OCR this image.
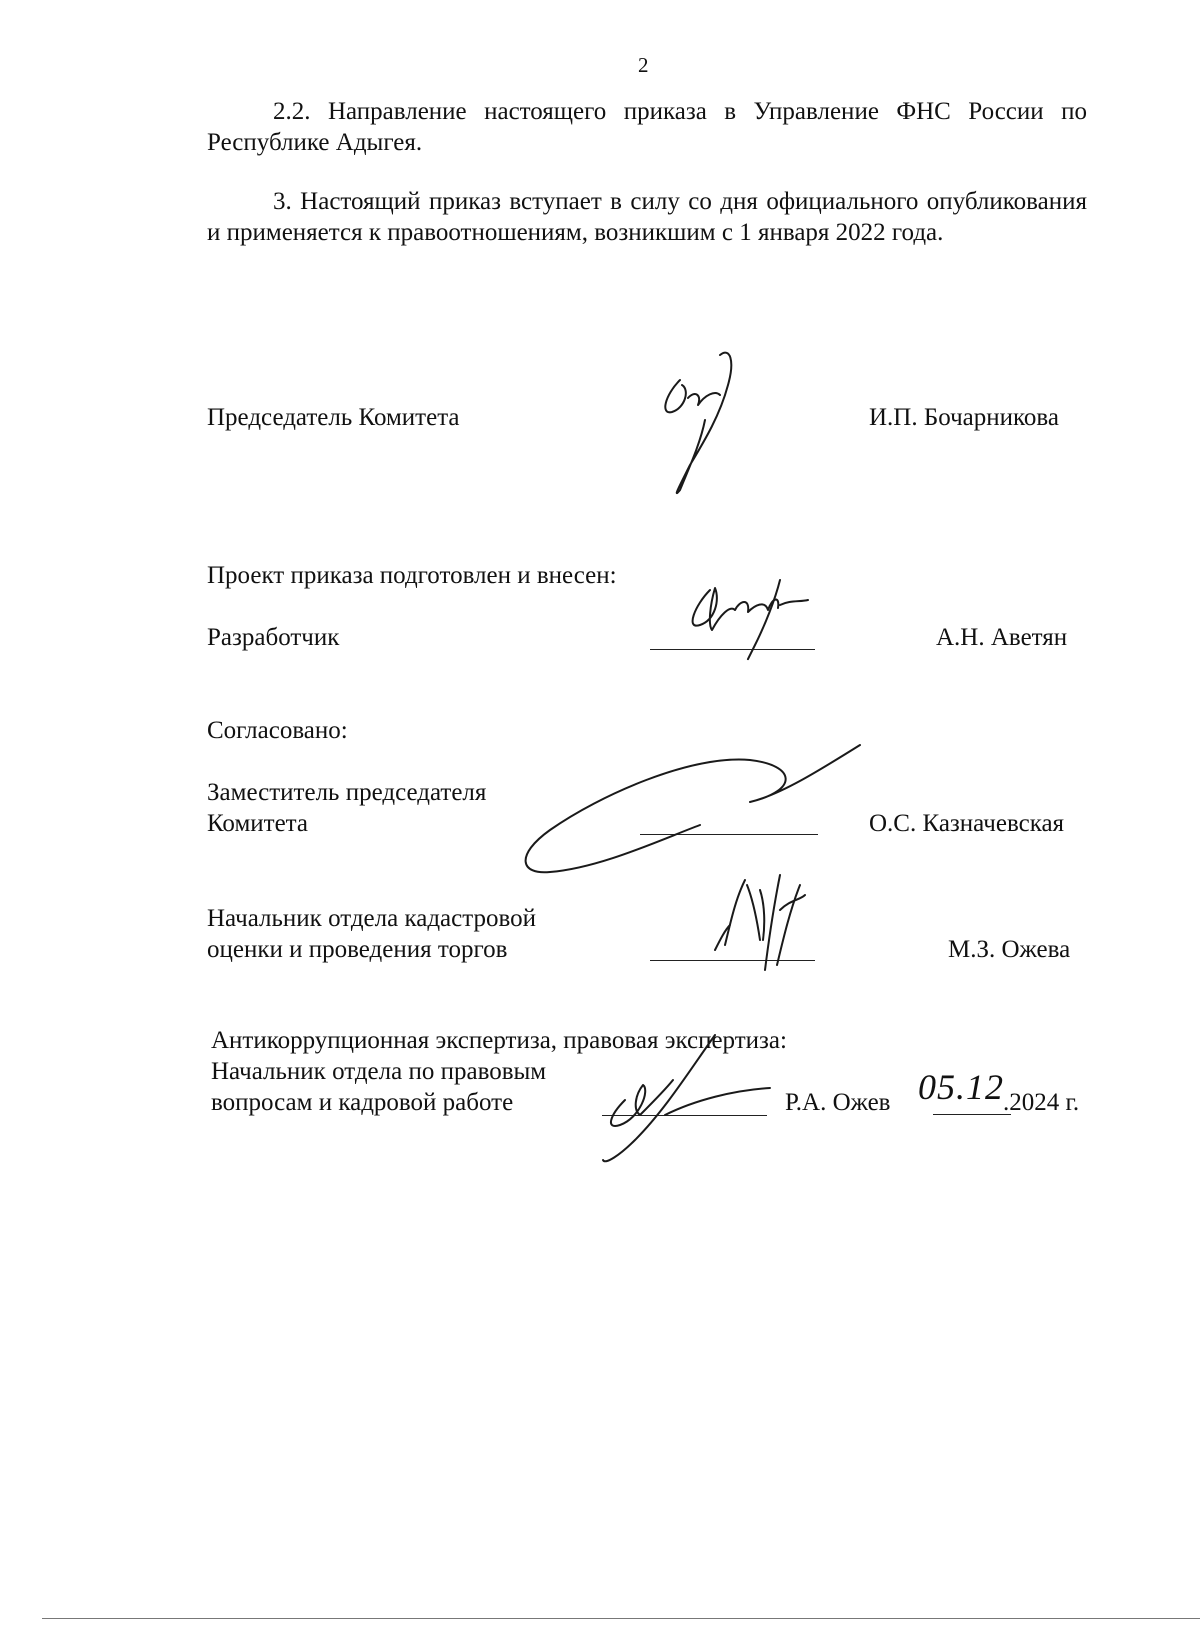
2
2.2. Направление настоящего приказа в Управление ФНС России по Республике Адыгея.
3. Настоящий приказ вступает в силу со дня официального опубликования и применяется к правоотношениям, возникшим с 1 января 2022 года.
Председатель Комитета	И.П. Бочарникова
Проект приказа подготовлен и внесен:
Разработчик	А.Н. Аветян
Согласовано:
Заместитель председателя
Комитета	О.С. Казначевская
Начальник отдела кадастровой
оценки и проведения торгов	М.З. Ожева
Антикоррупционная экспертиза, правовая экспертиза:
Начальник отдела по правовым
вопросам и кадровой работе	Р.А. Ожев 05.12 .2024 г.
